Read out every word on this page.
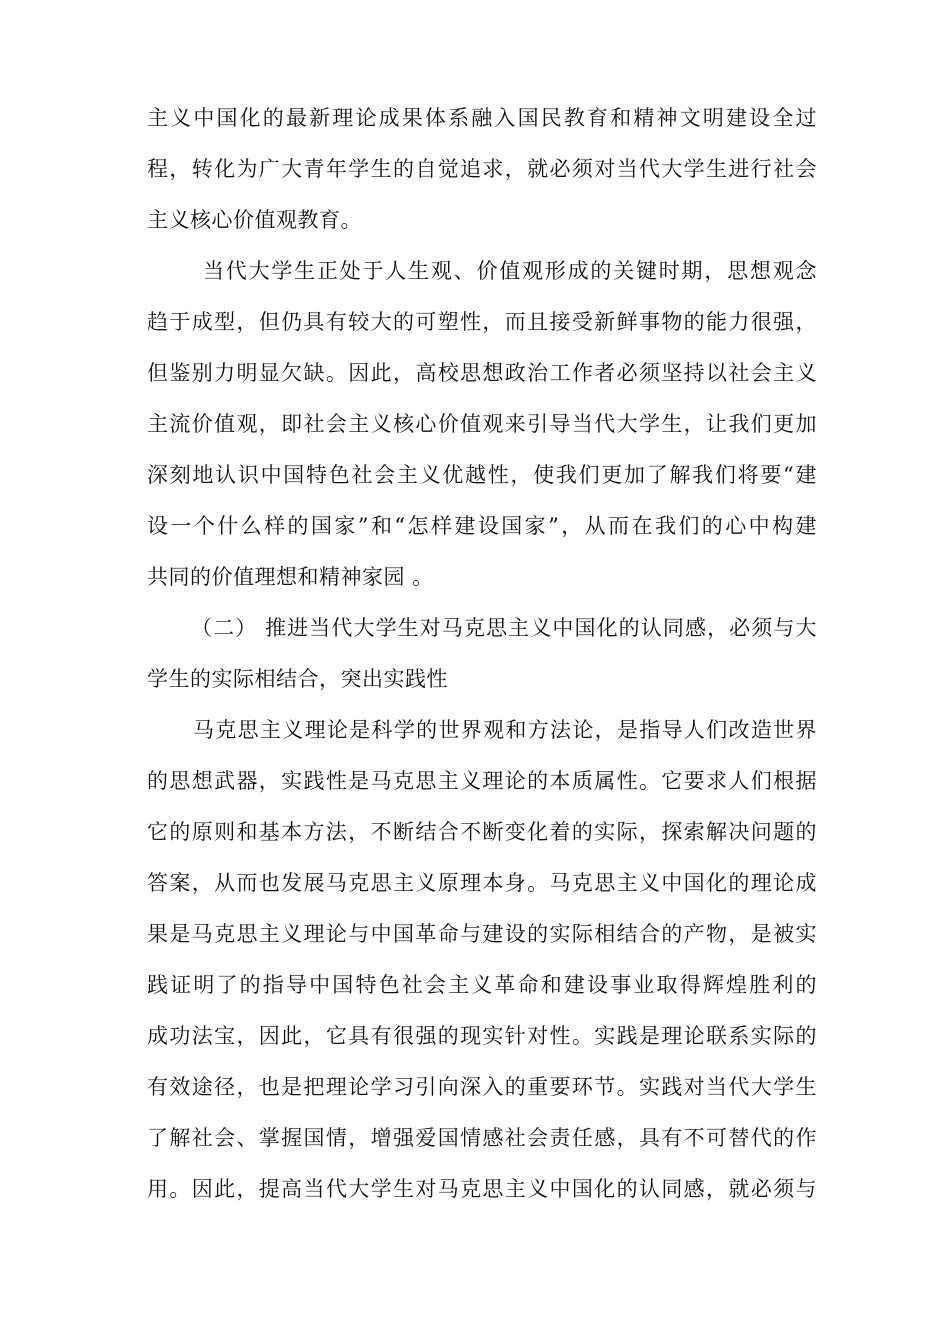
主义中国化的最新理论成果体系融入国民教育和精神文明建设全过
程，转化为广大青年学生的自觉追求，就必须对当代大学生进行社会
主义核心价值观教育。
当代大学生正处于人生观、价值观形成的关键时期，思想观念
趋于成型，但仍具有较大的可塑性，而且接受新鲜事物的能力很强，
但鉴别力明显欠缺。因此，高校思想政治工作者必须坚持以社会主义
主流价值观，即社会主义核心价值观来引导当代大学生，让我们更加
深刻地认识中国特色社会主义优越性，使我们更加了解我们将要“建
设一个什么样的国家”和“怎样建设国家”，从而在我们的心中构建
共同的价值理想和精神家园 。
（二） 推进当代大学生对马克思主义中国化的认同感，必须与大
学生的实际相结合，突出实践性
马克思主义理论是科学的世界观和方法论，是指导人们改造世界
的思想武器，实践性是马克思主义理论的本质属性。它要求人们根据
它的原则和基本方法，不断结合不断变化着的实际，探索解决问题的
答案，从而也发展马克思主义原理本身。马克思主义中国化的理论成
果是马克思主义理论与中国革命与建设的实际相结合的产物，是被实
践证明了的指导中国特色社会主义革命和建设事业取得辉煌胜利的
成功法宝，因此，它具有很强的现实针对性。实践是理论联系实际的
有效途径，也是把理论学习引向深入的重要环节。实践对当代大学生
了解社会、掌握国情，增强爱国情感社会责任感，具有不可替代的作
用。因此，提高当代大学生对马克思主义中国化的认同感，就必须与
